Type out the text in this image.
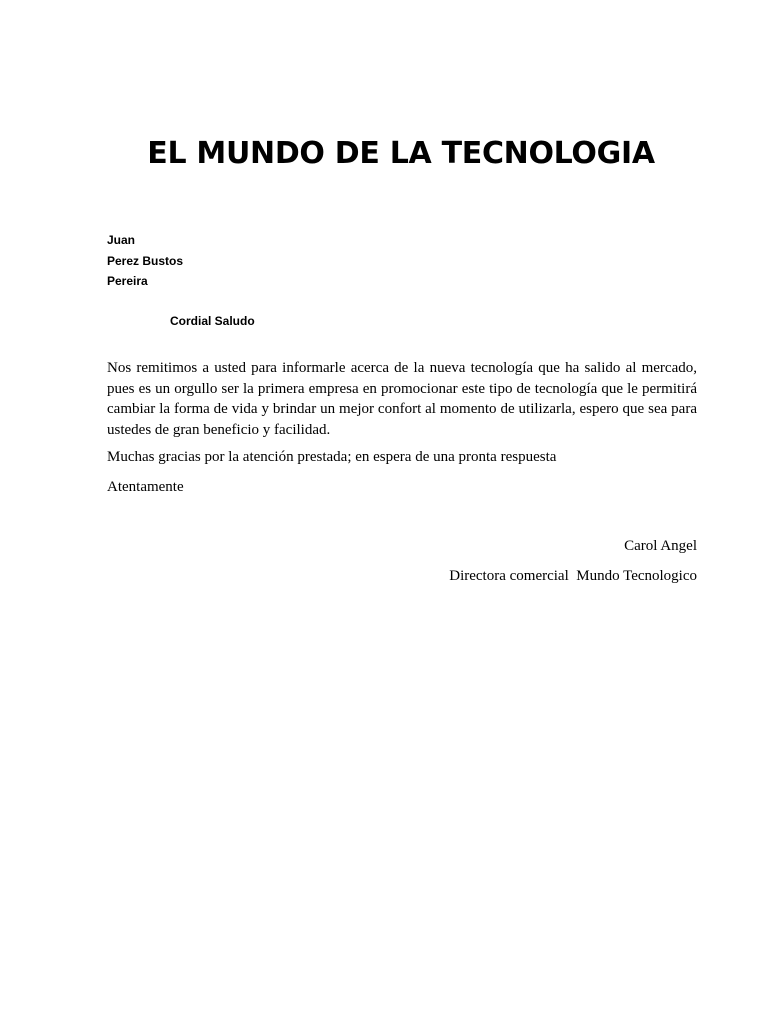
EL MUNDO DE LA TECNOLOGIA
Juan
Perez Bustos
Pereira
Cordial Saludo

Nos remitimos a usted para informarle acerca de la nueva tecnología que ha salido al mercado, pues es un orgullo ser la primera empresa en promocionar este tipo de tecnología que le permitirá cambiar la forma de vida y brindar un mejor confort al momento de utilizarla, espero que sea para ustedes de gran beneficio y facilidad.

Muchas gracias por la atención prestada; en espera de una pronta respuesta
Atentamente
Carol Angel
Directora comercial  Mundo Tecnologico
